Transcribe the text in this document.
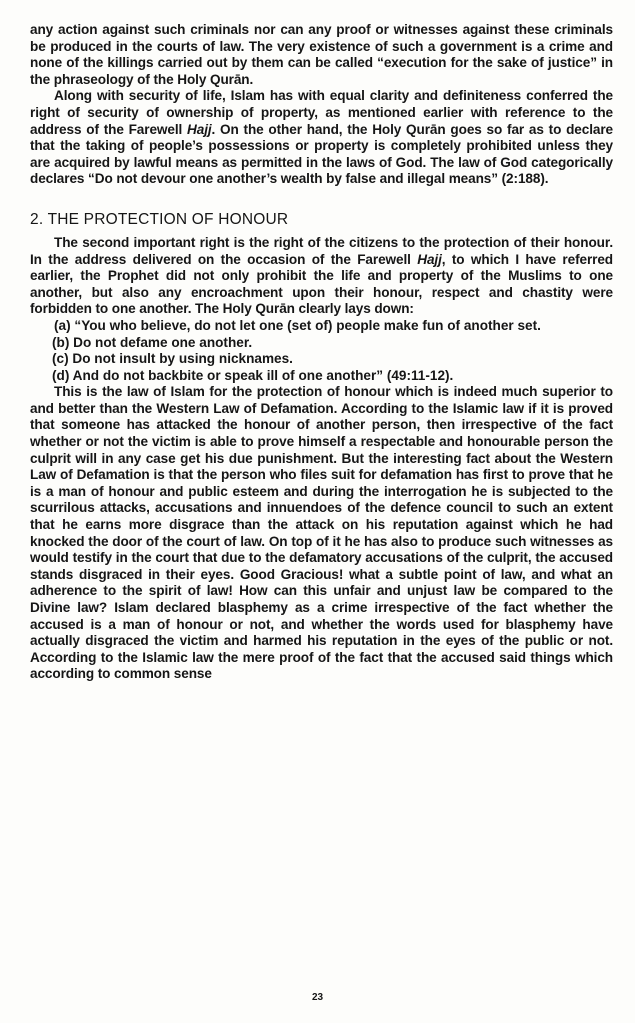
any action against such criminals nor can any proof or witnesses against these criminals be produced in the courts of law. The very existence of such a government is a crime and none of the killings carried out by them can be called “execution for the sake of justice” in the phraseology of the Holy Qurān.

Along with security of life, Islam has with equal clarity and definiteness conferred the right of security of ownership of property, as mentioned earlier with reference to the address of the Farewell Hajj. On the other hand, the Holy Qurān goes so far as to declare that the taking of people’s possessions or property is completely prohibited unless they are acquired by lawful means as permitted in the laws of God. The law of God categorically declares “Do not devour one another’s wealth by false and illegal means” (2:188).

2. THE PROTECTION OF HONOUR

The second important right is the right of the citizens to the protection of their honour. In the address delivered on the occasion of the Farewell Hajj, to which I have referred earlier, the Prophet did not only prohibit the life and property of the Muslims to one another, but also any encroachment upon their honour, respect and chastity were forbidden to one another. The Holy Qurān clearly lays down:

(a) “You who believe, do not let one (set of) people make fun of another set.

(b) Do not defame one another.

(c) Do not insult by using nicknames.

(d) And do not backbite or speak ill of one another” (49:11-12).

This is the law of Islam for the protection of honour which is indeed much superior to and better than the Western Law of Defamation. According to the Islamic law if it is proved that someone has attacked the honour of another person, then irrespective of the fact whether or not the victim is able to prove himself a respectable and honourable person the culprit will in any case get his due punishment. But the interesting fact about the Western Law of Defamation is that the person who files suit for defamation has first to prove that he is a man of honour and public esteem and during the interrogation he is subjected to the scurrilous attacks, accusations and innuendoes of the defence council to such an extent that he earns more disgrace than the attack on his reputation against which he had knocked the door of the court of law. On top of it he has also to produce such witnesses as would testify in the court that due to the defamatory accusations of the culprit, the accused stands disgraced in their eyes. Good Gracious! what a subtle point of law, and what an adherence to the spirit of law! How can this unfair and unjust law be compared to the Divine law? Islam declared blasphemy as a crime irrespective of the fact whether the accused is a man of honour or not, and whether the words used for blasphemy have actually disgraced the victim and harmed his reputation in the eyes of the public or not. According to the Islamic law the mere proof of the fact that the accused said things which according to common sense

23
